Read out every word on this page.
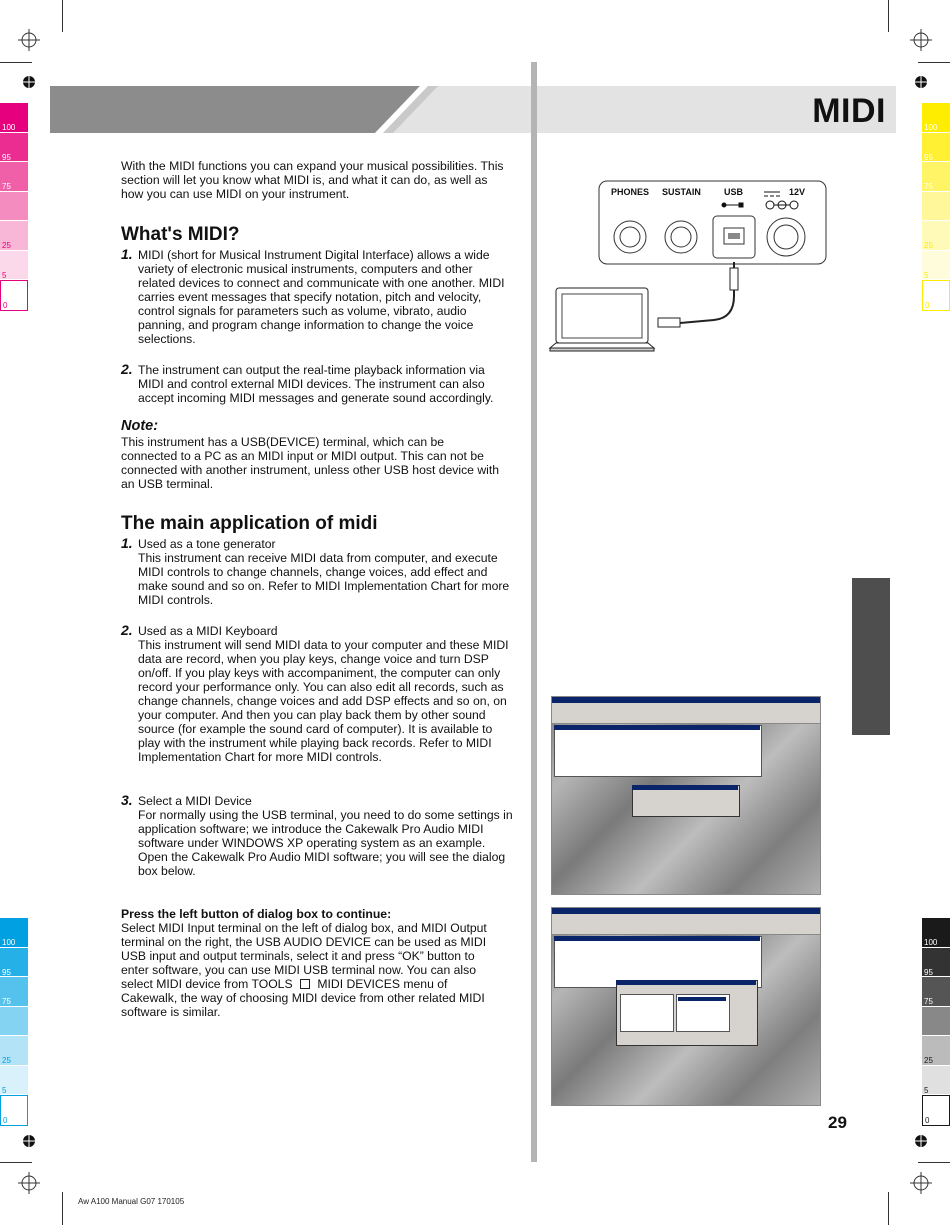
100
95
75
25
5
0
100
95
75
25
5
0
100
95
75
25
5
0
100
95
75
25
5
0
MIDI
With the MIDI functions you can expand your musical possibilities. This section will let you know what MIDI is, and what it can do, as well as how you can use MIDI on your instrument.
What's MIDI?
1. MIDI (short for Musical Instrument Digital Interface) allows a wide variety of electronic musical instruments, computers and other related devices to connect and communicate with one another. MIDI carries event messages that specify notation, pitch and velocity, control signals for parameters such as volume, vibrato, audio panning, and program change information to change the voice selections.
2. The instrument can output the real-time playback information via MIDI and control external MIDI devices. The instrument can also accept incoming MIDI messages and generate sound accordingly.
Note:
This instrument has a USB(DEVICE) terminal, which can be connected to a PC as an MIDI input or MIDI output. This can not be connected with another instrument, unless other USB host device with an USB terminal.
The main application of midi
1. Used as a tone generator
This instrument can receive MIDI data from computer, and execute MIDI controls to change channels, change voices, add effect and make sound and so on. Refer to MIDI Implementation Chart for more MIDI controls.
2. Used as a MIDI Keyboard
This instrument will send MIDI data to your computer and these MIDI data are record, when you play keys, change voice and turn DSP on/off. If you play keys with accompaniment, the computer can only record your performance only. You can also edit all records, such as change channels, change voices and add DSP effects and so on, on your computer. And then you can play back them by other sound source (for example the sound card of computer). It is available to play with the instrument while playing back records. Refer to MIDI Implementation Chart for more MIDI controls.
3. Select a MIDI Device
For normally using the USB terminal, you need to do some settings in application software; we introduce the Cakewalk Pro Audio MIDI software under WINDOWS XP operating system as an example.
Open the Cakewalk Pro Audio MIDI software; you will see the dialog box below.
Press the left button of dialog box to continue:
Select MIDI Input terminal on the left of dialog box, and MIDI Output terminal on the right, the USB AUDIO DEVICE can be used as MIDI USB input and output terminals, select it and press “OK” button to enter software, you can use MIDI USB terminal now. You can also select MIDI device from TOOLS MIDI DEVICES menu of Cakewalk, the way of choosing MIDI device from other related MIDI software is similar.
PHONES SUSTAIN	USB	12V
29
Aw A100 Manual G07 170105
